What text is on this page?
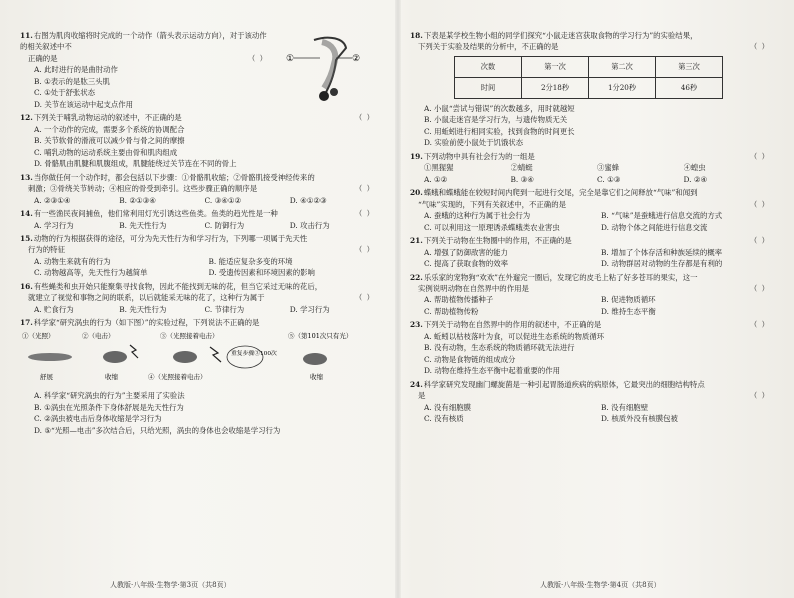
①	②
11.右图为肌肉收缩将时完成的一个动作（箭头表示运动方向），对于该动作的相关叙述中不
正确的是	（ ）
A. 此时进行的是曲肘动作
B. ①表示的是肱三头肌
C. ①处于舒张状态
D. 关节在该运动中起支点作用
12.下列关于哺乳动物运动的叙述中，不正确的是	（ ）
A. 一个动作的完成，需要多个系统的协调配合
B. 关节软骨的滑液可以减少骨与骨之间的摩擦
C. 哺乳动物的运动系统主要由骨和肌肉组成
D. 骨骼肌由肌腱和肌腹组成，肌腱能绕过关节连在不同的骨上
13.当你做任何一个动作时，都会包括以下步骤：①骨骼肌收缩；②骨骼肌接受神经传来的
刺激；③骨绕关节转动；④相应的骨受到牵引。这些步骤正确的顺序是	（ ）
A. ②③①④	B. ②①③④	C. ③④①②	D. ④①②③
14.有一些渔民夜间捕鱼，他们常利用灯光引诱这些鱼类。鱼类的趋光性是一种	（ ）
A. 学习行为	B. 先天性行为	C. 防御行为	D. 攻击行为
15.动物的行为根据获得的途径，可分为先天性行为和学习行为，下列哪一项属于先天性
行为的特征	（ ）
A. 动物生来就有的行为	B. 能适应复杂多变的环境
C. 动物越高等，先天性行为越简单	D. 受遗传因素和环境因素的影响
16.有些蝇类和虫开始只能聚集寻找食物，因此不能找到无味的花，但当它采过无味的花后，
就建立了视觉和事物之间的联系，以后就能采无味的花了，这种行为属于	（ ）
A. 贮食行为	B. 先天性行为	C. 节律行为	D. 学习行为
17.科学家“研究涡虫的行为（如下图）”的实验过程，下列说法不正确的是
①（光照）	②（电击）	③（光照接着电击）	⑤（第101次只有光）
重复步骤③100次
舒展	收缩	④（光照接着电击）	收缩
A. 科学家“研究涡虫的行为”主要采用了实验法
B. ①涡虫在光照条件下身体舒展是先天性行为
C. ②涡虫被电击后身体收缩是学习行为
D. ⑤“光照—电击”多次结合后，只给光照，涡虫的身体也会收缩是学习行为
人教版·八年级·生物学·第3页（共8页）
18.下表是某学校生物小组的同学们探究“小鼠走迷宫获取食物的学习行为”的实验结果，
下列关于实验及结果的分析中，不正确的是	（ ）
次数	第一次	第二次	第三次
时间	2分18秒	1分20秒	46秒
A. 小鼠“尝试与错误”的次数越多，用时就越短
B. 小鼠走迷宫是学习行为，与遗传物质无关
C. 用蚯蚓进行相同实验，找到食物的时间更长
D. 实验前使小鼠处于饥饿状态
19.下列动物中具有社会行为的一组是	（ ）
①黑猩猩	②蜻蜓	③蜜蜂	④蝗虫
A. ①②	B. ③④	C. ①③	D. ②④
20.蝶蛾和蝶蛾能在较短时间内爬到一起进行交尾，完全是靠它们之间释放“气味”和闻到
“气味”实现的，下列有关叙述中，不正确的是	（ ）
A. 蚕蛾的这种行为属于社会行为	B. “气味”是蚕蛾进行信息交流的方式
C. 可以利用这一原理诱杀蝶蛾类农业害虫	D. 动物个体之间能进行信息交流
21.下列关于动物在生物圈中的作用，不正确的是	（ ）
A. 增强了防御敌害的能力	B. 增加了个体存活和种族延续的概率
C. 提高了获取食物的效率	D. 动物群居对动物的生存都是有利的
22.乐乐家的宠物狗“欢欢”在外遛完一圈后，发现它的皮毛上粘了好多苍耳的果实，这一
实例说明动物在自然界中的作用是	（ ）
A. 帮助植物传播种子	B. 促进物质循环
C. 帮助植物传粉	D. 维持生态平衡
23.下列关于动物在自然界中的作用的叙述中，不正确的是	（ ）
A. 蚯蚓以枯枝落叶为食，可以促进生态系统的物质循环
B. 没有动物，生态系统的物质循环就无法进行
C. 动物是食物链的组成成分
D. 动物在维持生态平衡中起着重要的作用
24.科学家研究发现幽门螺旋菌是一种引起胃肠道疾病的病原体，它最突出的细胞结构特点
是	（ ）
A. 没有细胞膜	B. 没有细胞壁
C. 没有核质	D. 核质外没有核膜包被
人教版·八年级·生物学·第4页（共8页）
